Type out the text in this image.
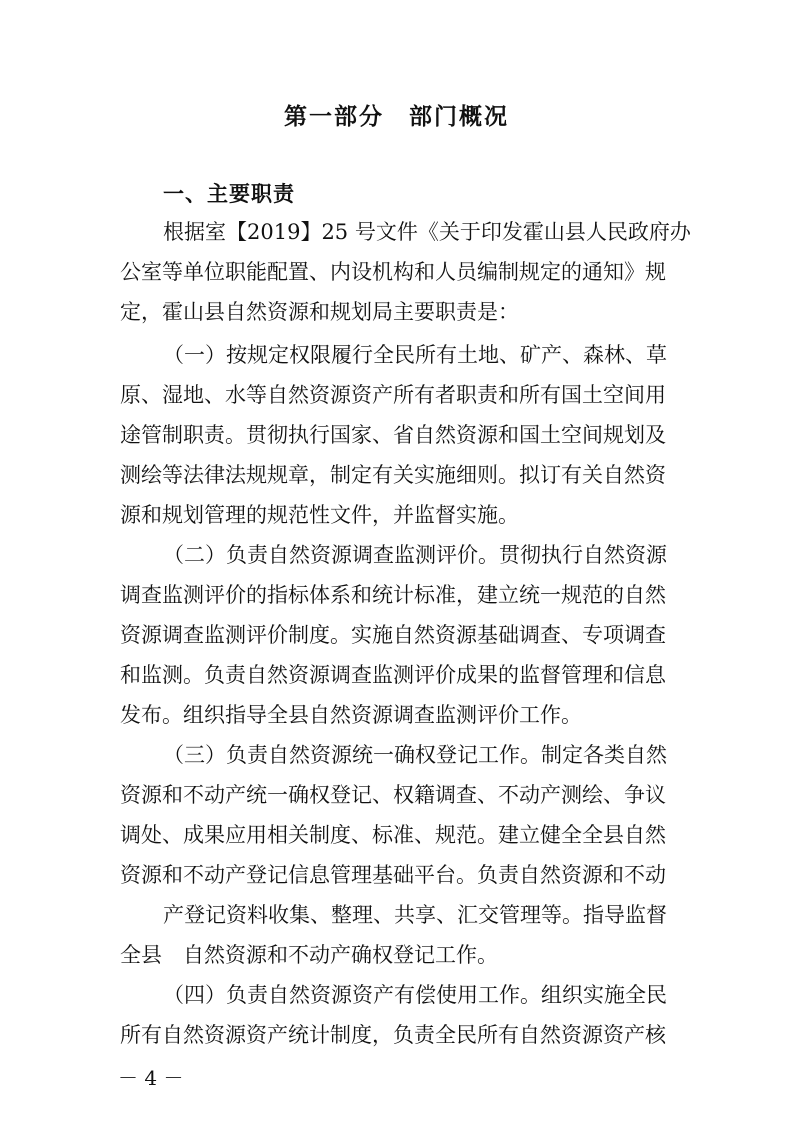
第一部分　部门概况
一、主要职责
根据室【2019】25 号文件《关于印发霍山县人民政府办
公室等单位职能配置、内设机构和人员编制规定的通知》规
定，霍山县自然资源和规划局主要职责是：
（一）按规定权限履行全民所有土地、矿产、森林、草
原、湿地、水等自然资源资产所有者职责和所有国土空间用
途管制职责。贯彻执行国家、省自然资源和国土空间规划及
测绘等法律法规规章，制定有关实施细则。拟订有关自然资
源和规划管理的规范性文件，并监督实施。
（二）负责自然资源调查监测评价。贯彻执行自然资源
调查监测评价的指标体系和统计标准，建立统一规范的自然
资源调查监测评价制度。实施自然资源基础调查、专项调查
和监测。负责自然资源调查监测评价成果的监督管理和信息
发布。组织指导全县自然资源调查监测评价工作。
（三）负责自然资源统一确权登记工作。制定各类自然
资源和不动产统一确权登记、权籍调查、不动产测绘、争议
调处、成果应用相关制度、标准、规范。建立健全全县自然
资源和不动产登记信息管理基础平台。负责自然资源和不动
产登记资料收集、整理、共享、汇交管理等。指导监督
全县　自然资源和不动产确权登记工作。
（四）负责自然资源资产有偿使用工作。组织实施全民
所有自然资源资产统计制度，负责全民所有自然资源资产核
－ 4 －
